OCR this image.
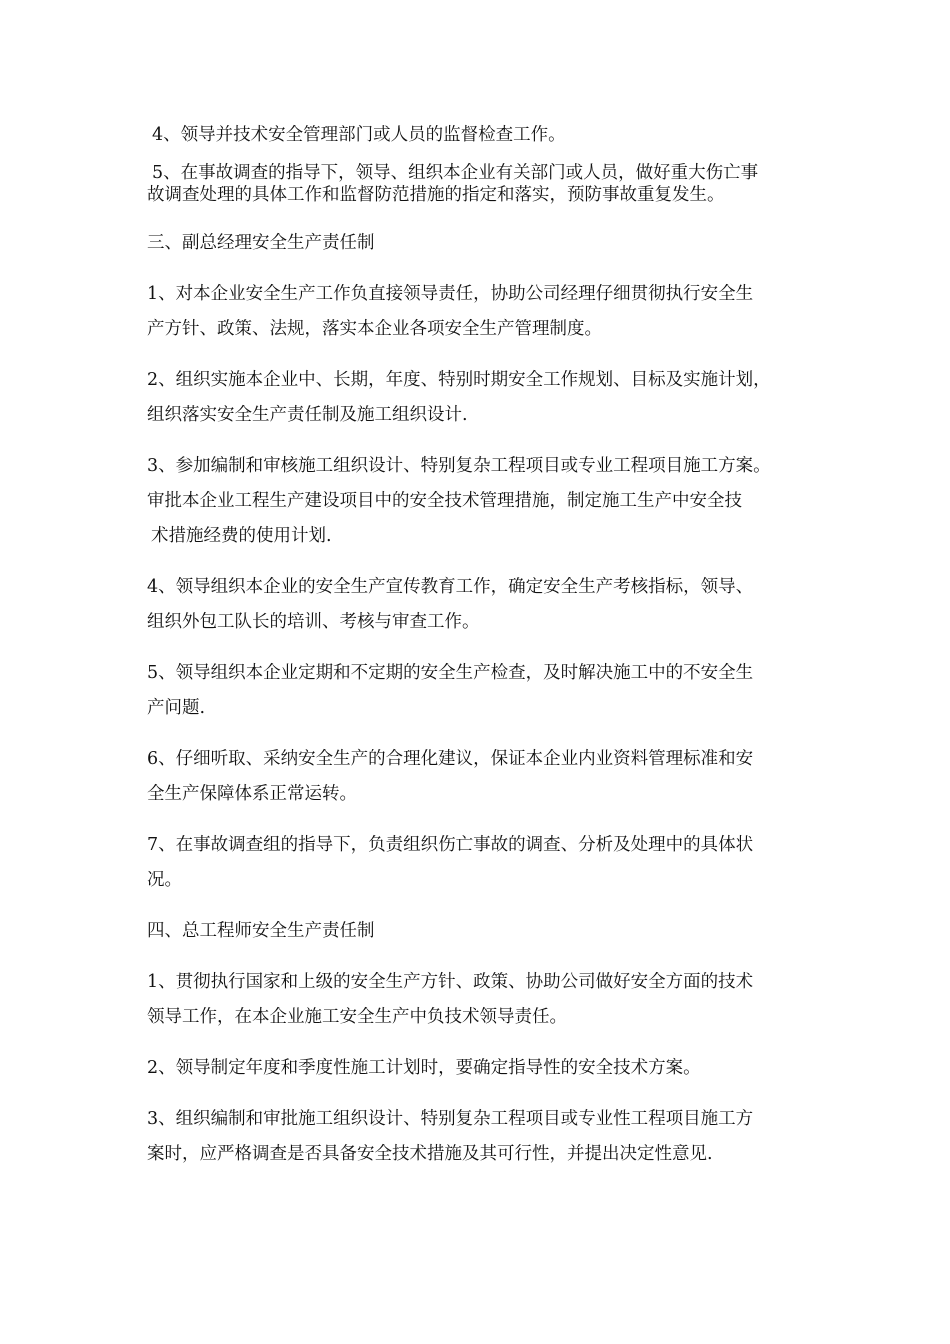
4、领导并技术安全管理部门或人员的监督检查工作。

5、在事故调查的指导下，领导、组织本企业有关部门或人员，做好重大伤亡事

故调查处理的具体工作和监督防范措施的指定和落实，预防事故重复发生。

三、副总经理安全生产责任制

1、对本企业安全生产工作负直接领导责任，协助公司经理仔细贯彻执行安全生

产方针、政策、法规，落实本企业各项安全生产管理制度。

2、组织实施本企业中、长期，年度、特别时期安全工作规划、目标及实施计划，

组织落实安全生产责任制及施工组织设计.

3、参加编制和审核施工组织设计、特别复杂工程项目或专业工程项目施工方案。

审批本企业工程生产建设项目中的安全技术管理措施，制定施工生产中安全技

术措施经费的使用计划.

4、领导组织本企业的安全生产宣传教育工作，确定安全生产考核指标，领导、

组织外包工队长的培训、考核与审查工作。

5、领导组织本企业定期和不定期的安全生产检查，及时解决施工中的不安全生

产问题.

6、仔细听取、采纳安全生产的合理化建议，保证本企业内业资料管理标准和安

全生产保障体系正常运转。

7、在事故调查组的指导下，负责组织伤亡事故的调查、分析及处理中的具体状

况。

四、总工程师安全生产责任制

1、贯彻执行国家和上级的安全生产方针、政策、协助公司做好安全方面的技术

领导工作，在本企业施工安全生产中负技术领导责任。

2、领导制定年度和季度性施工计划时，要确定指导性的安全技术方案。

3、组织编制和审批施工组织设计、特别复杂工程项目或专业性工程项目施工方

案时，应严格调查是否具备安全技术措施及其可行性，并提出决定性意见.
